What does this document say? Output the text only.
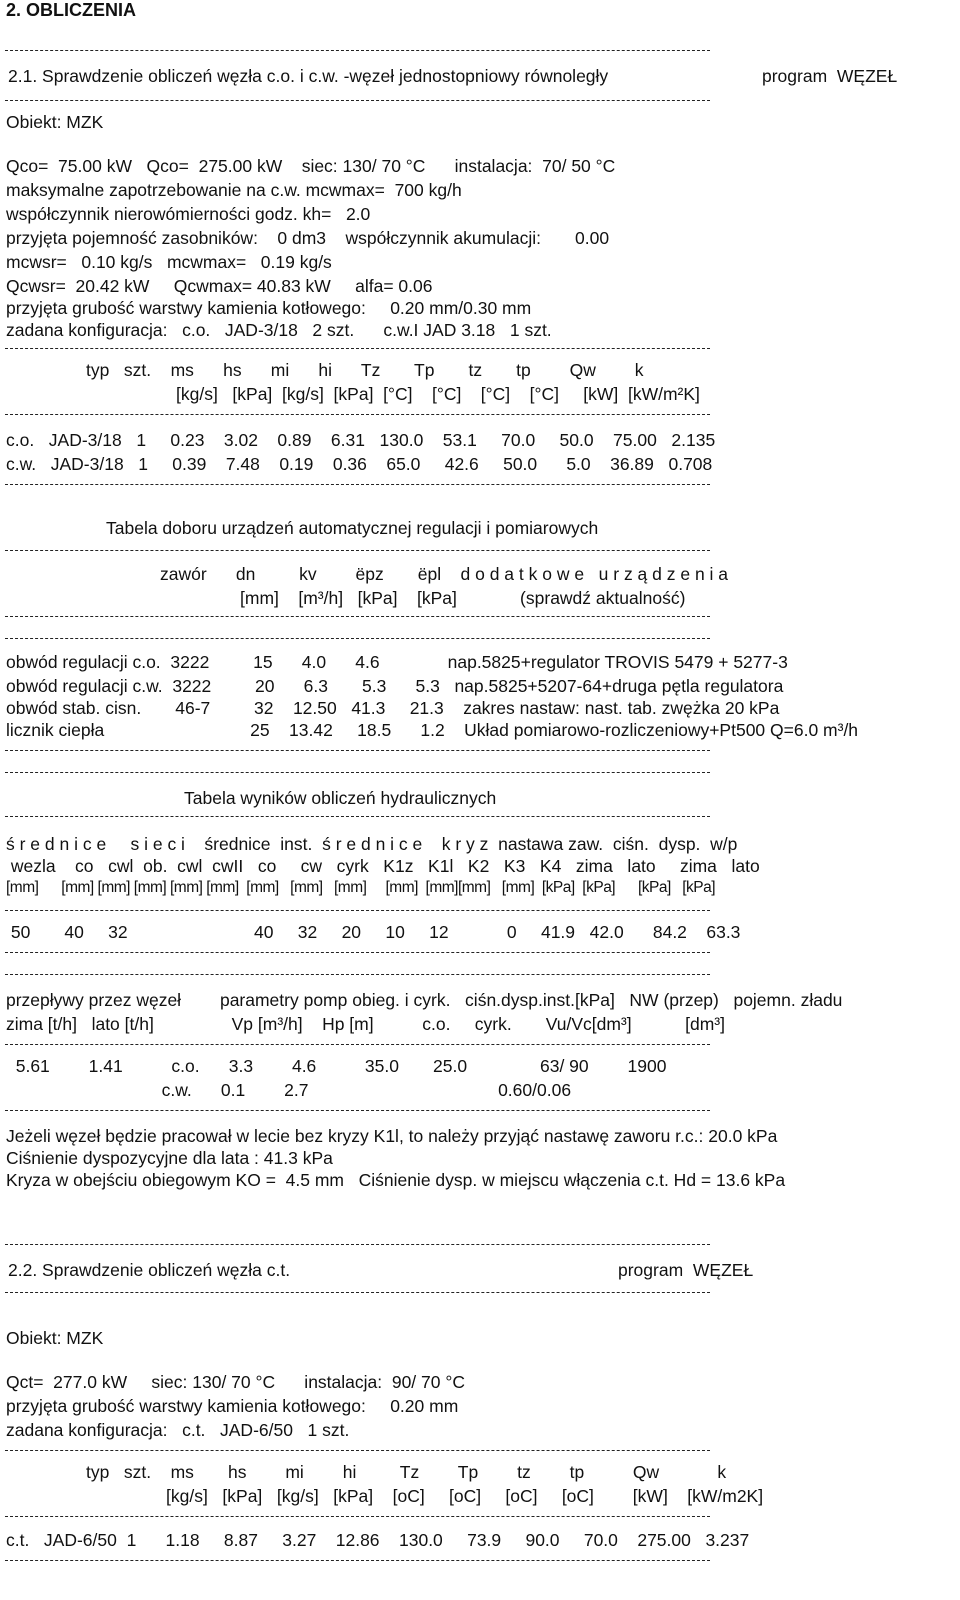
2. OBLICZENIA
2.1. Sprawdzenie obliczeń węzła c.o. i c.w. -węzeł jednostopniowy równoległy	program  WĘZEŁ
Obiekt: MZK
Qco=  75.00 kW   Qco=  275.00 kW    siec: 130/ 70 °C      instalacja:  70/ 50 °C
maksymalne zapotrzebowanie na c.w. mcwmax=  700 kg/h
współczynnik nierowómierności godz. kh=   2.0
przyjęta pojemność zasobników:    0 dm3    współczynnik akumulacji:       0.00
mcwsr=   0.10 kg/s   mcwmax=   0.19 kg/s
Qcwsr=  20.42 kW     Qcwmax= 40.83 kW     alfa= 0.06
przyjęta grubość warstwy kamienia kotłowego:     0.20 mm/0.30 mm
zadana konfiguracja:   c.o.   JAD-3/18   2 szt.      c.w.I JAD 3.18   1 szt.
typ   szt.    ms      hs      mi      hi      Tz       Tp       tz       tp        Qw        k
[kg/s]   [kPa]  [kg/s]  [kPa]  [°C]    [°C]    [°C]    [°C]     [kW]  [kW/m²K]
c.o.   JAD-3/18   1     0.23    3.02    0.89    6.31   130.0    53.1     70.0     50.0    75.00   2.135
c.w.   JAD-3/18   1     0.39    7.48    0.19    0.36    65.0     42.6     50.0      5.0    36.89   0.708
Tabela doboru urządzeń automatycznej regulacji i pomiarowych
zawór      dn         kv        ëpz       ëpl    d o d a t k o w e   u r z ą d z e n i a
[mm]    [m³/h]   [kPa]    [kPa]             (sprawdź aktualność)
obwód regulacji c.o.  3222         15      4.0      4.6              nap.5825+regulator TROVIS 5479 + 5277-3
obwód regulacji c.w.  3222         20      6.3       5.3      5.3   nap.5825+5207-64+druga pętla regulatora
obwód stab. cisn.       46-7         32    12.50   41.3     21.3    zakres nastaw: nast. tab. zwężka 20 kPa
licznik ciepła                              25    13.42     18.5      1.2    Układ pomiarowo-rozliczeniowy+Pt500 Q=6.0 m³/h
Tabela wyników obliczeń hydraulicznych
ś r e d n i c e     s i e c i    średnice  inst.  ś r e d n i c e    k r y z  nastawa zaw.  ciśn.  dysp.  w/p
wezla    co   cwl  ob.  cwl  cwII   co     cw   cyrk   K1z   K1l   K2   K3   K4   zima   lato     zima   lato
[mm]      [mm] [mm] [mm] [mm] [mm]  [mm]   [mm]   [mm]     [mm]  [mm][mm]   [mm]  [kPa]  [kPa]      [kPa]   [kPa]
50       40     32                          40     32     20     10     12            0     41.9   42.0      84.2    63.3
przepływy przez węzeł        parametry pomp obieg. i cyrk.   ciśn.dysp.inst.[kPa]   NW (przep)   pojemn. zładu
zima [t/h]   lato [t/h]                Vp [m³/h]    Hp [m]          c.o.     cyrk.       Vu/Vc[dm³]           [dm³]
5.61        1.41          c.o.      3.3        4.6          35.0       25.0               63/ 90        1900
c.w.      0.1        2.7                                       0.60/0.06
Jeżeli węzeł będzie pracował w lecie bez kryzy K1l, to należy przyjąć nastawę zaworu r.c.: 20.0 kPa
Ciśnienie dyspozycyjne dla lata : 41.3 kPa
Kryza w obejściu obiegowym KO =  4.5 mm   Ciśnienie dysp. w miejscu włączenia c.t. Hd = 13.6 kPa
2.2. Sprawdzenie obliczeń węzła c.t.	program  WĘZEŁ
Obiekt: MZK
Qct=  277.0 kW     siec: 130/ 70 °C      instalacja:  90/ 70 °C
przyjęta grubość warstwy kamienia kotłowego:     0.20 mm
zadana konfiguracja:   c.t.   JAD-6/50   1 szt.
typ   szt.    ms       hs        mi        hi         Tz        Tp        tz        tp          Qw            k
[kg/s]   [kPa]   [kg/s]   [kPa]    [oC]     [oC]     [oC]     [oC]        [kW]    [kW/m2K]
c.t.   JAD-6/50  1      1.18     8.87     3.27    12.86    130.0     73.9     90.0     70.0    275.00   3.237
